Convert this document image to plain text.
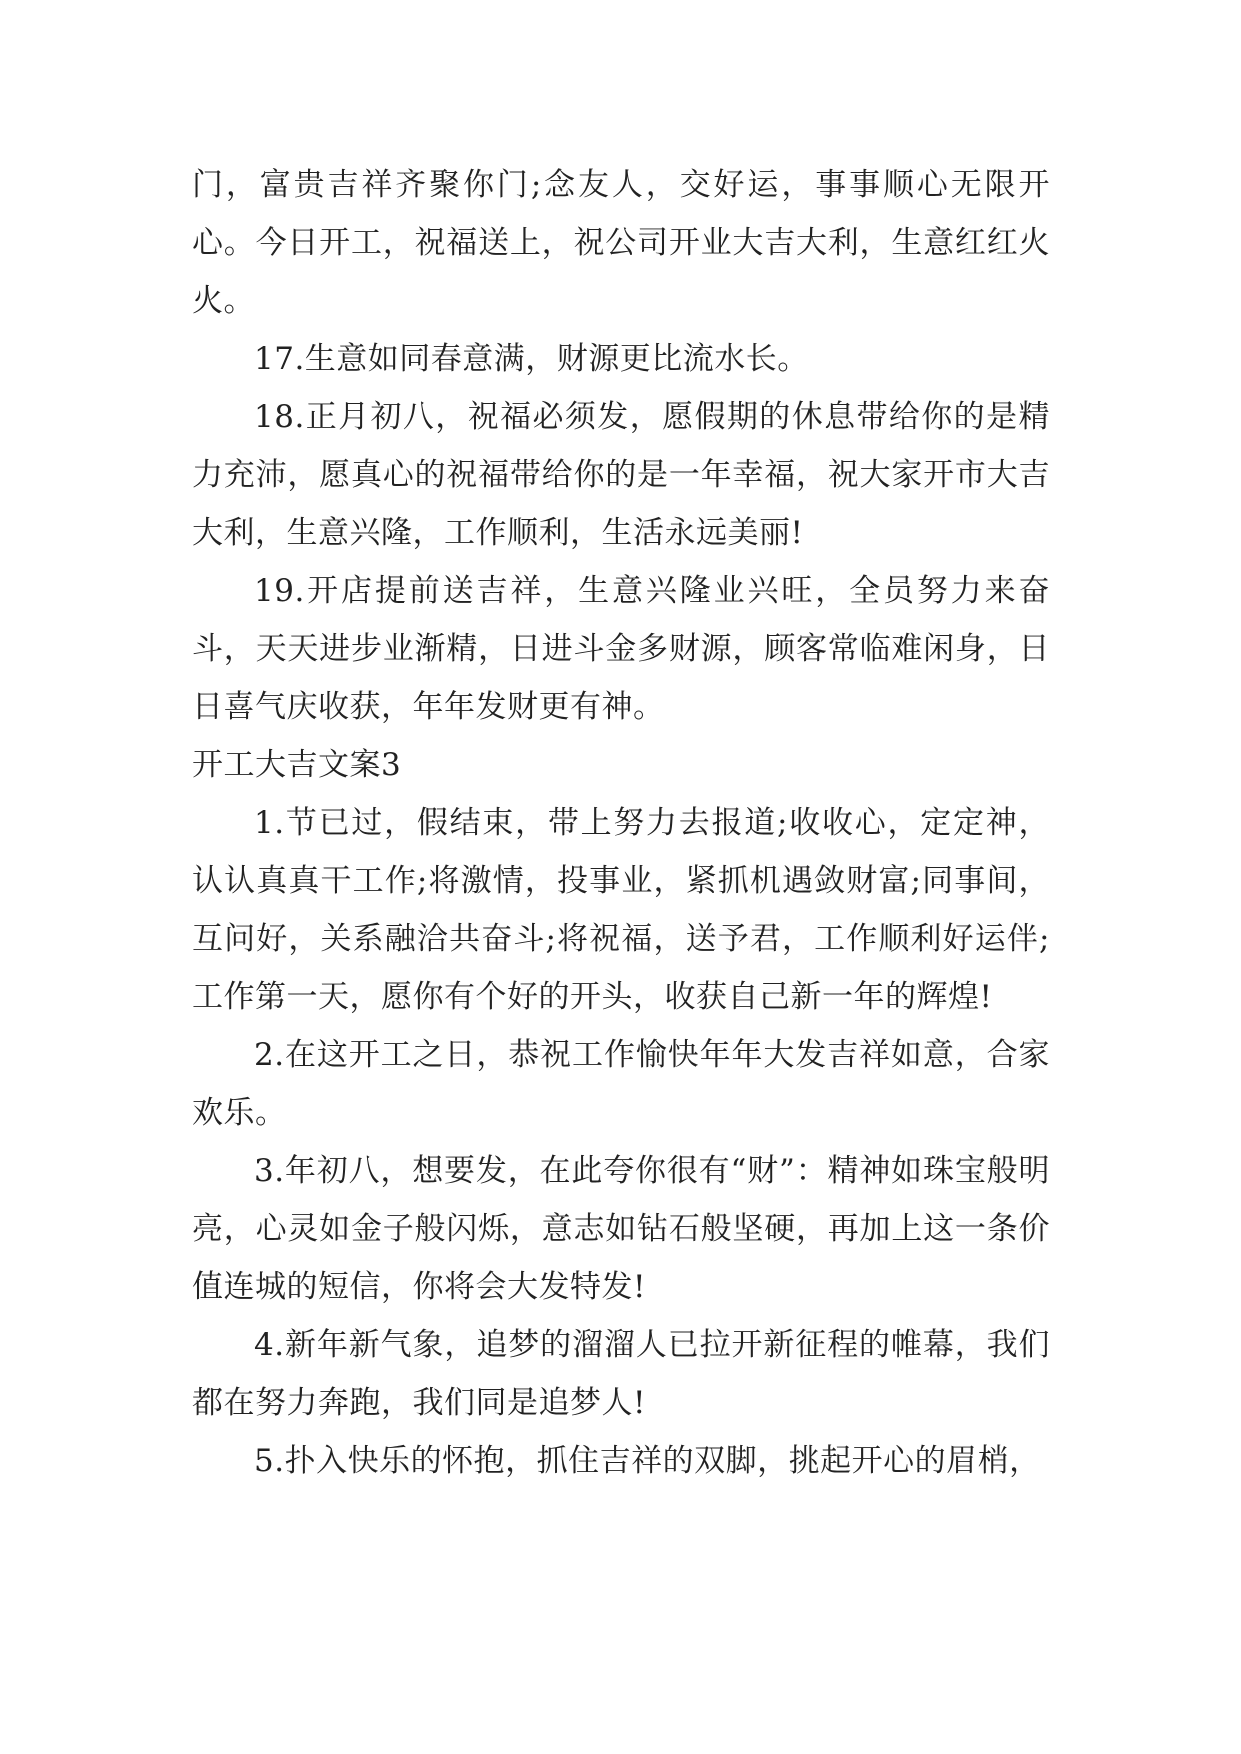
门，富贵吉祥齐聚你门;念友人，交好运，事事顺心无限开心。今日开工，祝福送上，祝公司开业大吉大利，生意红红火火。

17.生意如同春意满，财源更比流水长。

18.正月初八，祝福必须发，愿假期的休息带给你的是精力充沛，愿真心的祝福带给你的是一年幸福，祝大家开市大吉大利，生意兴隆，工作顺利，生活永远美丽!

19.开店提前送吉祥，生意兴隆业兴旺，全员努力来奋斗，天天进步业渐精，日进斗金多财源，顾客常临难闲身，日日喜气庆收获，年年发财更有神。

开工大吉文案3

1.节已过，假结束，带上努力去报道;收收心，定定神，认认真真干工作;将激情，投事业，紧抓机遇敛财富;同事间，互问好，关系融洽共奋斗;将祝福，送予君，工作顺利好运伴;工作第一天，愿你有个好的开头，收获自己新一年的辉煌!

2.在这开工之日，恭祝工作愉快年年大发吉祥如意，合家欢乐。

3.年初八，想要发，在此夸你很有“财”：精神如珠宝般明亮，心灵如金子般闪烁，意志如钻石般坚硬，再加上这一条价值连城的短信，你将会大发特发!

4.新年新气象，追梦的溜溜人已拉开新征程的帷幕，我们都在努力奔跑，我们同是追梦人!

5.扑入快乐的怀抱，抓住吉祥的双脚，挑起开心的眉梢，
